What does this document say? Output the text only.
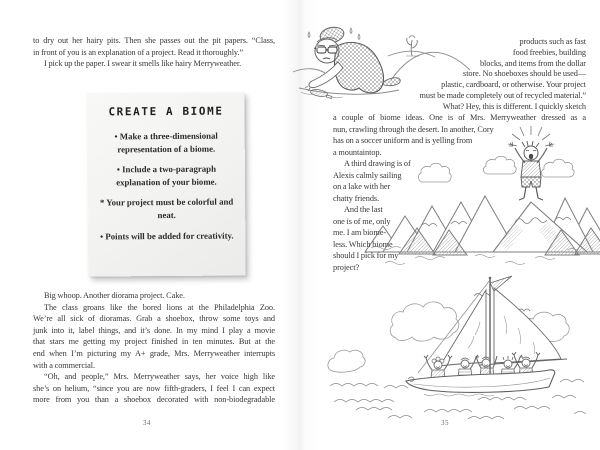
to dry out her hairy pits. Then she passes out the pit papers. “Class,
in front of you is an explanation of a project. Read it thoroughly.”
I pick up the paper. I swear it smells like hairy Merryweather.
CREATE A BIOME
• Make a three-dimensional representation of a biome.
• Include a two-paragraph explanation of your biome.
* Your project must be colorful and neat.
• Points will be added for creativity.
Big whoop. Another diorama project. Cake.
The class groans like the bored lions at the Philadelphia Zoo.
We’re all sick of dioramas. Grab a shoebox, throw some toys and
junk into it, label things, and it’s done. In my mind I play a movie
that stars me getting my project finished in ten minutes. But at the
end when I’m picturing my A+ grade, Mrs. Merryweather interrupts
with a commercial.
“Oh, and people,” Mrs. Merryweather says, her voice high like
she’s on helium, “since you are now fifth-graders, I feel I can expect
more from you than a shoebox decorated with non-biodegradable
34
products such as fast
food freebies, building
blocks, and items from the dollar
store. No shoeboxes should be used—
plastic, cardboard, or otherwise. Your project
must be made completely out of recycled material.”
What? Hey, this is different. I quickly sketch
a couple of biome ideas. One is of Mrs. Merryweather dressed as a
nun, crawling through the desert. In another, Cory
has on a soccer uniform and is yelling from
a mountaintop.
A third drawing is of
Alexis calmly sailing
on a lake with her
chatty friends.
And the last
one is of me, only
me. I am biome-
less. Which biome
should I pick for my
project?
35
